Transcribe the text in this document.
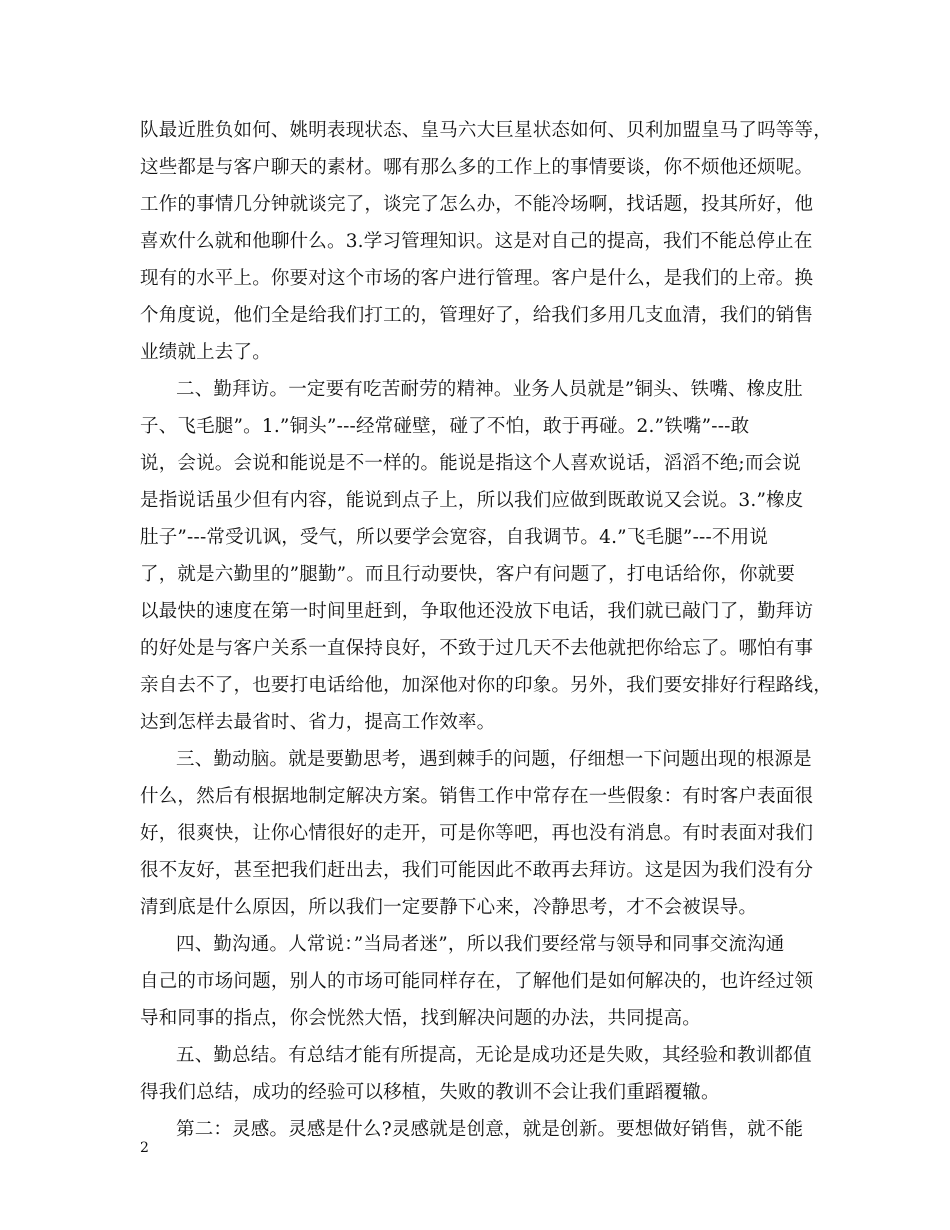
队最近胜负如何、姚明表现状态、皇马六大巨星状态如何、贝利加盟皇马了吗等等，
这些都是与客户聊天的素材。哪有那么多的工作上的事情要谈，你不烦他还烦呢。
工作的事情几分钟就谈完了，谈完了怎么办，不能冷场啊，找话题，投其所好，他
喜欢什么就和他聊什么。3.学习管理知识。这是对自己的提高，我们不能总停止在
现有的水平上。你要对这个市场的客户进行管理。客户是什么，是我们的上帝。换
个角度说，他们全是给我们打工的，管理好了，给我们多用几支血清，我们的销售
业绩就上去了。
二、勤拜访。一定要有吃苦耐劳的精神。业务人员就是”铜头、铁嘴、橡皮肚
子、飞毛腿”。1.”铜头”---经常碰壁，碰了不怕，敢于再碰。2.”铁嘴”---敢
说，会说。会说和能说是不一样的。能说是指这个人喜欢说话，滔滔不绝;而会说
是指说话虽少但有内容，能说到点子上，所以我们应做到既敢说又会说。3.”橡皮
肚子”---常受讥讽，受气，所以要学会宽容，自我调节。4.”飞毛腿”---不用说
了，就是六勤里的”腿勤”。而且行动要快，客户有问题了，打电话给你，你就要
以最快的速度在第一时间里赶到，争取他还没放下电话，我们就已敲门了，勤拜访
的好处是与客户关系一直保持良好，不致于过几天不去他就把你给忘了。哪怕有事
亲自去不了，也要打电话给他，加深他对你的印象。另外，我们要安排好行程路线，
达到怎样去最省时、省力，提高工作效率。
三、勤动脑。就是要勤思考，遇到棘手的问题，仔细想一下问题出现的根源是
什么，然后有根据地制定解决方案。销售工作中常存在一些假象：有时客户表面很
好，很爽快，让你心情很好的走开，可是你等吧，再也没有消息。有时表面对我们
很不友好，甚至把我们赶出去，我们可能因此不敢再去拜访。这是因为我们没有分
清到底是什么原因，所以我们一定要静下心来，冷静思考，才不会被误导。
四、勤沟通。人常说：”当局者迷”，所以我们要经常与领导和同事交流沟通
自己的市场问题，别人的市场可能同样存在，了解他们是如何解决的，也许经过领
导和同事的指点，你会恍然大悟，找到解决问题的办法，共同提高。
五、勤总结。有总结才能有所提高，无论是成功还是失败，其经验和教训都值
得我们总结，成功的经验可以移植，失败的教训不会让我们重蹈覆辙。
第二：灵感。灵感是什么?灵感就是创意，就是创新。要想做好销售，就不能
2
